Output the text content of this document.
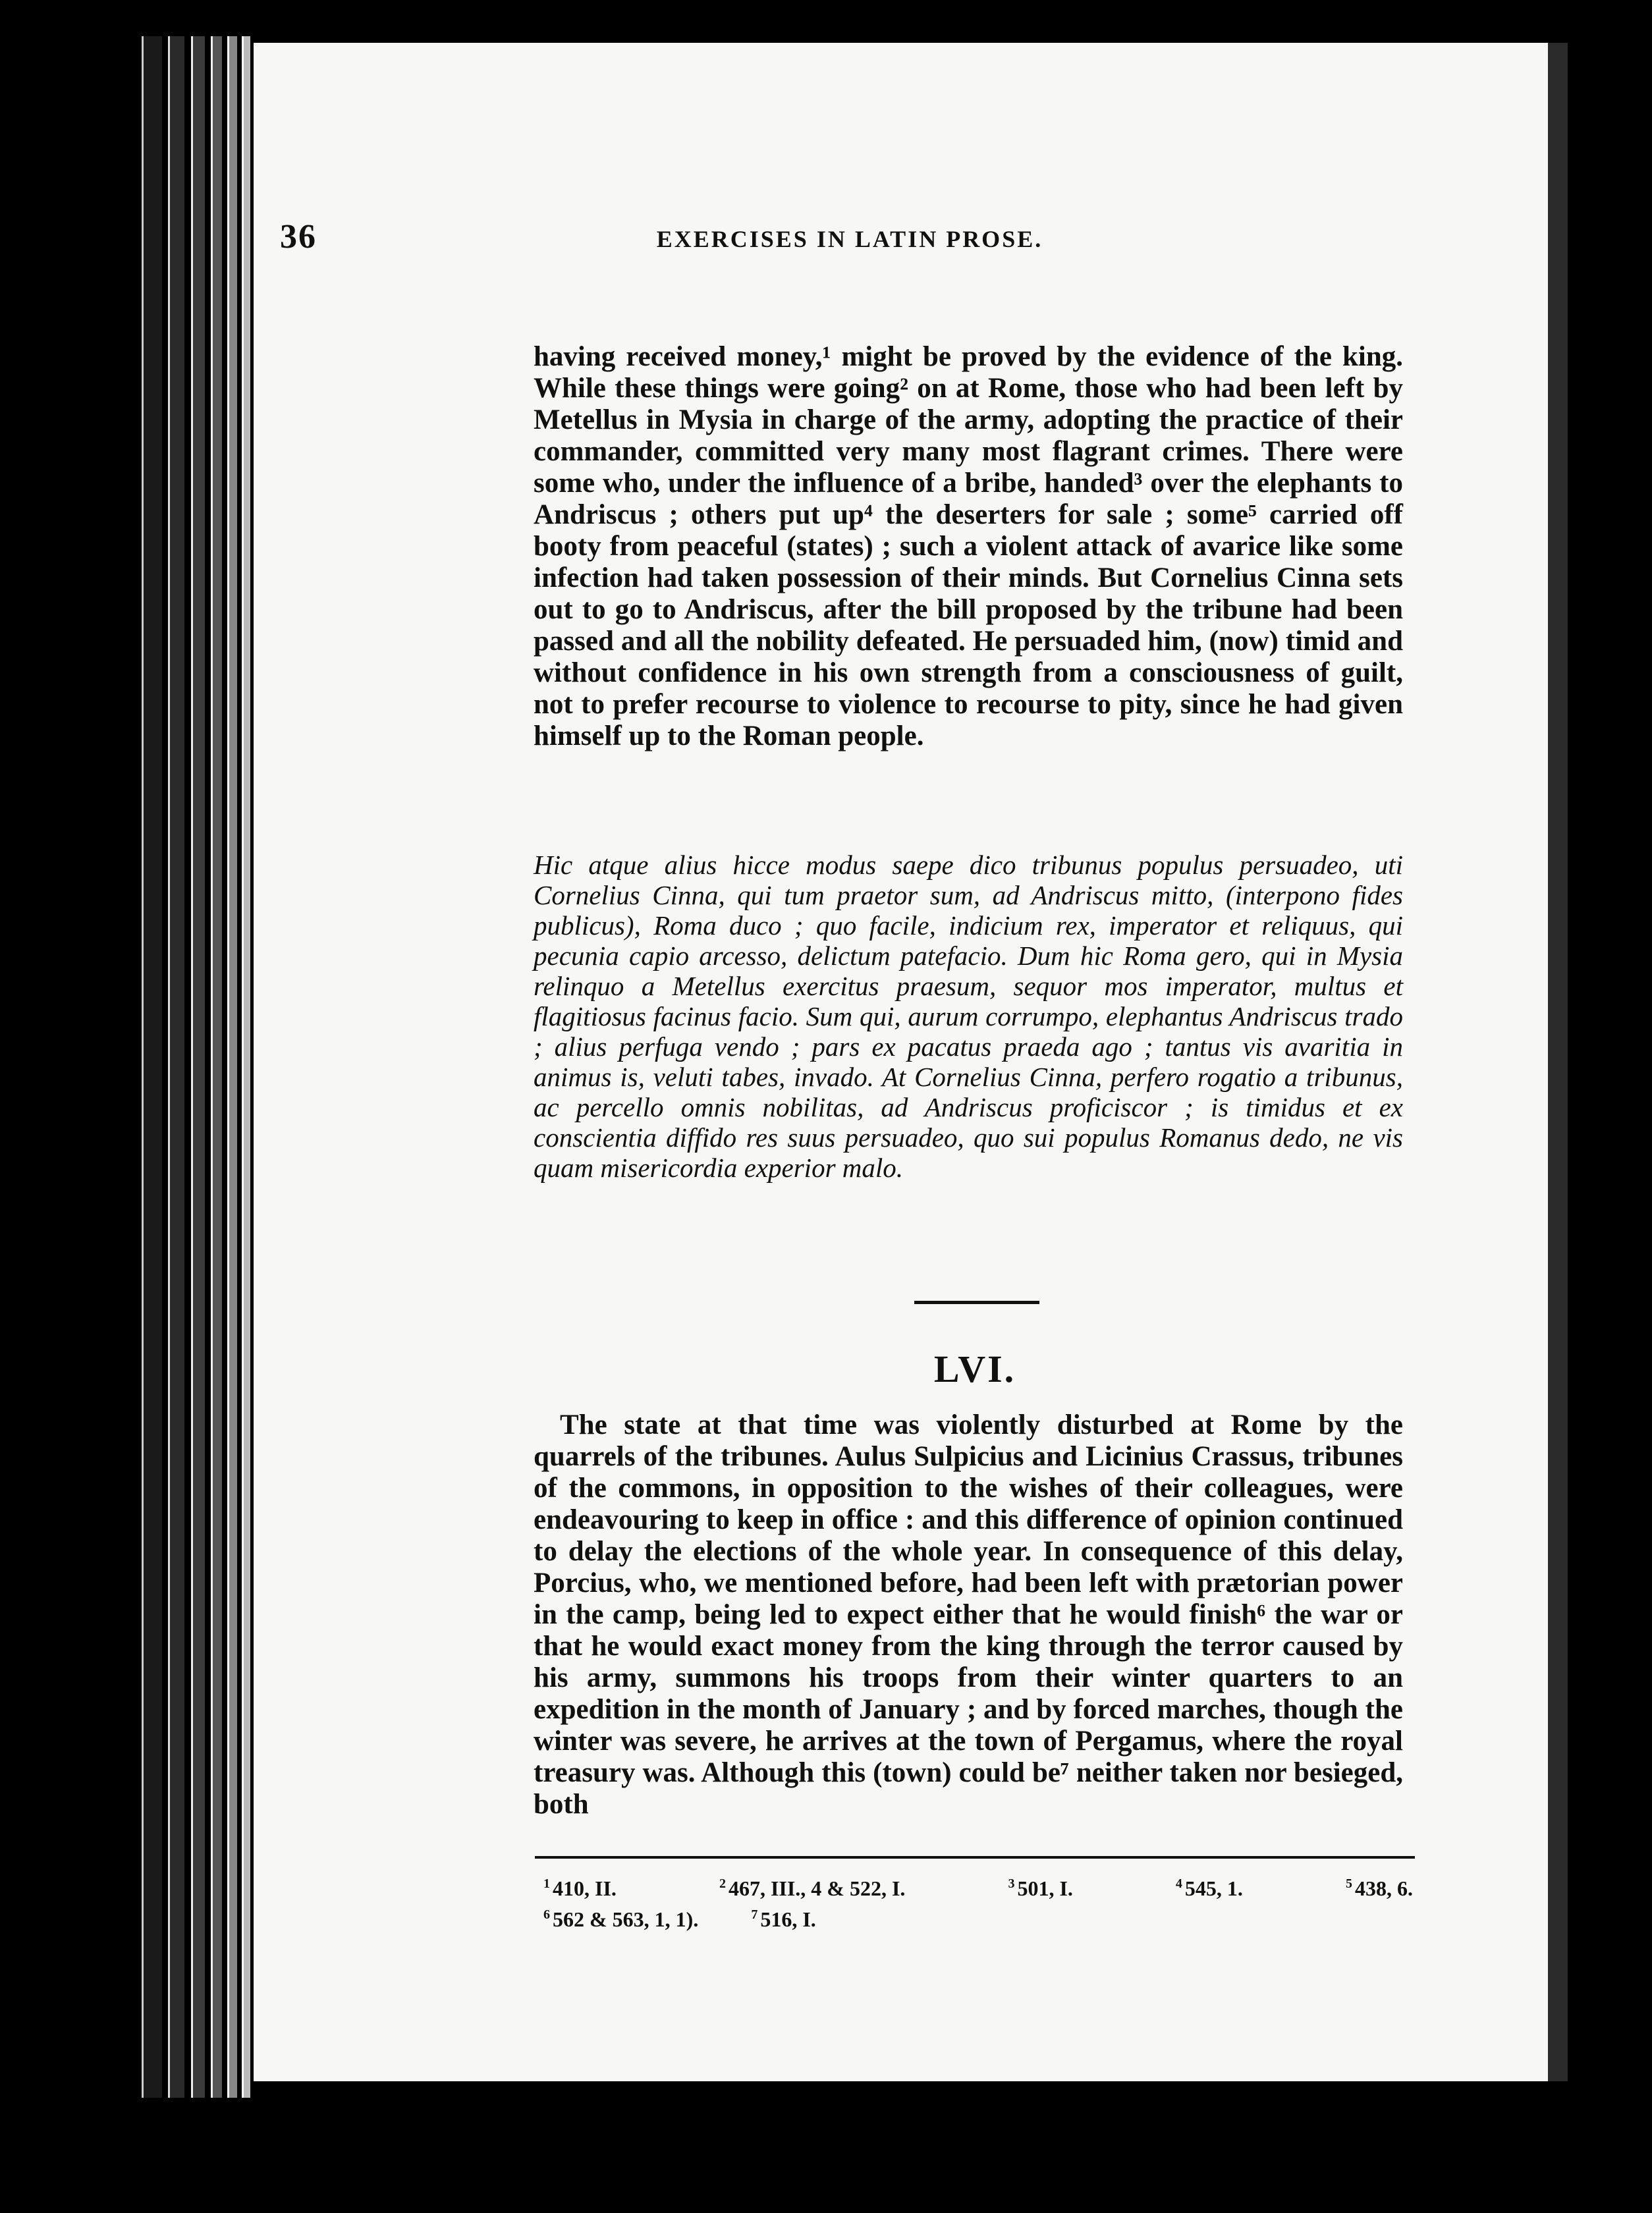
36	EXERCISES IN LATIN PROSE.
having received money,¹ might be proved by the evidence of the king. While these things were going² on at Rome, those who had been left by Metellus in Mysia in charge of the army, adopting the practice of their commander, committed very many most flagrant crimes. There were some who, under the influence of a bribe, handed³ over the elephants to Andriscus ; others put up⁴ the deserters for sale ; some⁵ carried off booty from peaceful (states) ; such a violent attack of avarice like some infection had taken possession of their minds. But Cornelius Cinna sets out to go to Andriscus, after the bill proposed by the tribune had been passed and all the nobility defeated. He persuaded him, (now) timid and without confidence in his own strength from a consciousness of guilt, not to prefer recourse to violence to recourse to pity, since he had given himself up to the Roman people.
Hic atque alius hicce modus saepe dico tribunus populus persuadeo, uti Cornelius Cinna, qui tum praetor sum, ad Andriscus mitto, (interpono fides publicus), Roma duco ; quo facile, indicium rex, imperator et reliquus, qui pecunia capio arcesso, delictum patefacio. Dum hic Roma gero, qui in Mysia relinquo a Metellus exercitus praesum, sequor mos imperator, multus et flagitiosus facinus facio. Sum qui, aurum corrumpo, elephantus Andriscus trado ; alius perfuga vendo ; pars ex pacatus praeda ago ; tantus vis avaritia in animus is, veluti tabes, invado. At Cornelius Cinna, perfero rogatio a tribunus, ac percello omnis nobilitas, ad Andriscus proficiscor ; is timidus et ex conscientia diffido res suus persuadeo, quo sui populus Romanus dedo, ne vis quam misericordia experior malo.
LVI.
The state at that time was violently disturbed at Rome by the quarrels of the tribunes. Aulus Sulpicius and Licinius Crassus, tribunes of the commons, in opposition to the wishes of their colleagues, were endeavouring to keep in office : and this difference of opinion continued to delay the elections of the whole year. In consequence of this delay, Porcius, who, we mentioned before, had been left with prætorian power in the camp, being led to expect either that he would finish⁶ the war or that he would exact money from the king through the terror caused by his army, summons his troops from their winter quarters to an expedition in the month of January ; and by forced marches, though the winter was severe, he arrives at the town of Pergamus, where the royal treasury was. Although this (town) could be⁷ neither taken nor besieged, both
$^1$ 410, II.	$^2$ 467, III., 4 & 522, I.	$^3$ 501, I.	$^4$ 545, 1.	$^5$ 438, 6.
$^6$ 562 & 563, 1, 1).	$^7$ 516, I.
